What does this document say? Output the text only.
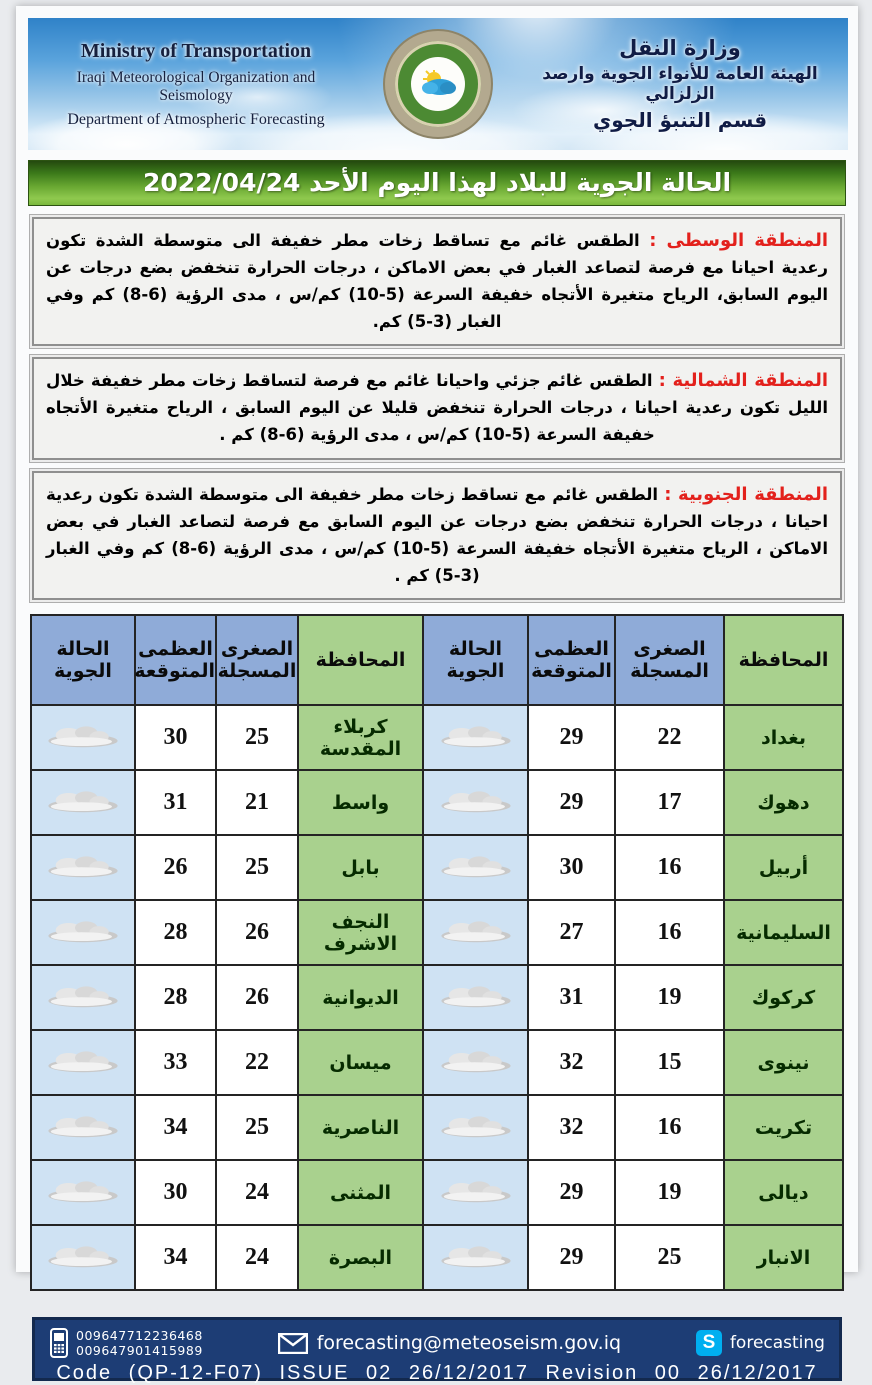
Ministry of Transportation
Iraqi Meteorological Organization and Seismology
Department of Atmospheric Forecasting
وزارة النقل
الهيئة العامة للأنواء الجوية وارصد الزلزالي
قسم التنبؤ الجوي
الحالة الجوية للبلاد لهذا اليوم الأحد 2022/04/24
المنطقة الوسطى : الطقس غائم مع تساقط زخات مطر خفيفة الى متوسطة الشدة تكون رعدية احيانا مع فرصة لتصاعد الغبار في بعض الاماكن ، درجات الحرارة تنخفض بضع درجات عن اليوم السابق، الرياح متغيرة الأتجاه خفيفة السرعة (5-10) كم/س ، مدى الرؤية (6-8) كم وفي الغبار (3-5) كم.
المنطقة الشمالية : الطقس غائم جزئي واحيانا غائم مع فرصة لتساقط زخات مطر خفيفة خلال الليل تكون رعدية احيانا ، درجات الحرارة تنخفض قليلا عن اليوم السابق ، الرياح متغيرة الأتجاه خفيفة السرعة (5-10) كم/س ، مدى الرؤية (6-8) كم .
المنطقة الجنوبية : الطقس غائم مع تساقط زخات مطر خفيفة الى متوسطة الشدة تكون رعدية احيانا ، درجات الحرارة تنخفض بضع درجات عن اليوم السابق مع فرصة لتصاعد الغبار في بعض الاماكن ، الرياح متغيرة الأتجاه خفيفة السرعة (5-10) كم/س ، مدى الرؤية (6-8) كم وفي الغبار (3-5) كم .
المحافظة	الصغرى المسجلة	العظمى المتوقعة	الحالة الجوية	المحافظة	الصغرى المسجلة	العظمى المتوقعة	الحالة الجوية
بغداد	22	29		كربلاء المقدسة	25	30	
دهوك	17	29		واسط	21	31	
أربيل	16	30		بابل	25	26	
السليمانية	16	27		النجف الاشرف	26	28	
كركوك	19	31		الديوانية	26	28	
نينوى	15	32		ميسان	22	33	
تكريت	16	32		الناصرية	25	34	
ديالى	19	29		المثنى	24	30	
الانبار	25	29		البصرة	24	34	
009647712236468
009647901415989	forecasting@meteoseism.gov.iq	S forecasting
Code (QP-12-F07) ISSUE 02 26/12/2017 Revision 00 26/12/2017
